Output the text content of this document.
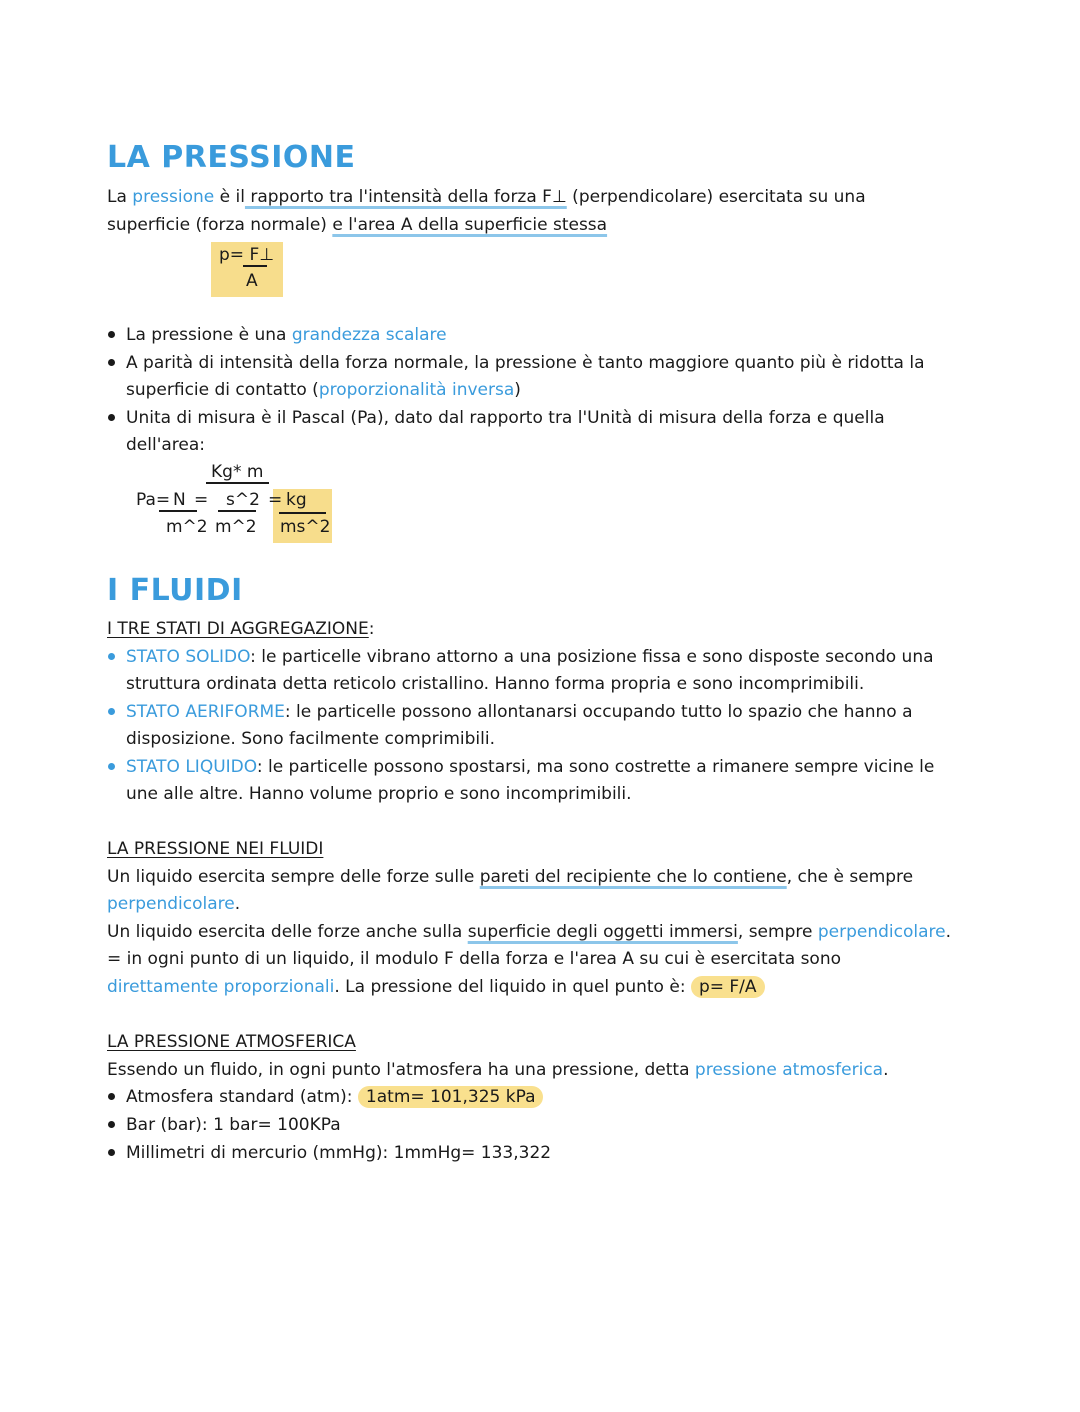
LA PRESSIONE

La pressione è il rapporto tra l'intensità della forza F⊥ (perpendicolare) esercitata su una

superficie (forza normale) e l'area A della superficie stessa

p= F⊥
A

La pressione è una grandezza scalare

A parità di intensità della forza normale, la pressione è tanto maggiore quanto più è ridotta la

superficie di contatto (proporzionalità inversa)

Unita di misura è il Pascal (Pa), dato dal rapporto tra l'Unità di misura della forza e quella

dell'area:

Kg* m
Pa= N = s^2 = kg
m^2 m^2 ms^2
I FLUIDI

I TRE STATI DI AGGREGAZIONE:

STATO SOLIDO: le particelle vibrano attorno a una posizione fissa e sono disposte secondo una

struttura ordinata detta reticolo cristallino. Hanno forma propria e sono incomprimibili.

STATO AERIFORME: le particelle possono allontanarsi occupando tutto lo spazio che hanno a

disposizione. Sono facilmente comprimibili.

STATO LIQUIDO: le particelle possono spostarsi, ma sono costrette a rimanere sempre vicine le

une alle altre. Hanno volume proprio e sono incomprimibili.

LA PRESSIONE NEI FLUIDI

Un liquido esercita sempre delle forze sulle pareti del recipiente che lo contiene, che è sempre

perpendicolare.

Un liquido esercita delle forze anche sulla superficie degli oggetti immersi, sempre perpendicolare.

= in ogni punto di un liquido, il modulo F della forza e l'area A su cui è esercitata sono

direttamente proporzionali. La pressione del liquido in quel punto è: p= F/A

LA PRESSIONE ATMOSFERICA

Essendo un fluido, in ogni punto l'atmosfera ha una pressione, detta pressione atmosferica.

Atmosfera standard (atm): 1atm= 101,325 kPa

Bar (bar): 1 bar= 100KPa

Millimetri di mercurio (mmHg): 1mmHg= 133,322
